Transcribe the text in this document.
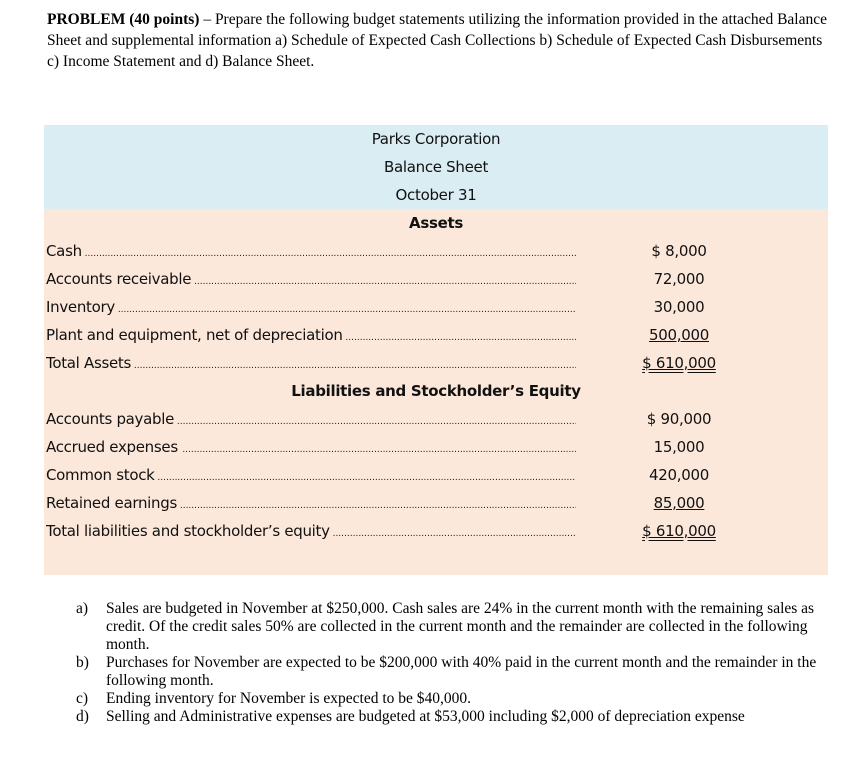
PROBLEM (40 points) – Prepare the following budget statements utilizing the information provided in the attached Balance Sheet and supplemental information a) Schedule of Expected Cash Collections b) Schedule of Expected Cash Disbursements c) Income Statement and d) Balance Sheet.
Parks Corporation
Balance Sheet
October 31
Assets
Cash .....	$ 8,000
Accounts receivable .....	72,000
Inventory .....	30,000
Plant and equipment, net of depreciation .....	500,000
Total Assets .....	$ 610,000
Liabilities and Stockholder’s Equity
Accounts payable .....	$ 90,000
Accrued expenses .....	15,000
Common stock .....	420,000
Retained earnings .....	85,000
Total liabilities and stockholder’s equity .....	$ 610,000
a) Sales are budgeted in November at $250,000. Cash sales are 24% in the current month with the remaining sales as credit. Of the credit sales 50% are collected in the current month and the remainder are collected in the following month.
b) Purchases for November are expected to be $200,000 with 40% paid in the current month and the remainder in the following month.
c) Ending inventory for November is expected to be $40,000.
d) Selling and Administrative expenses are budgeted at $53,000 including $2,000 of depreciation expense
